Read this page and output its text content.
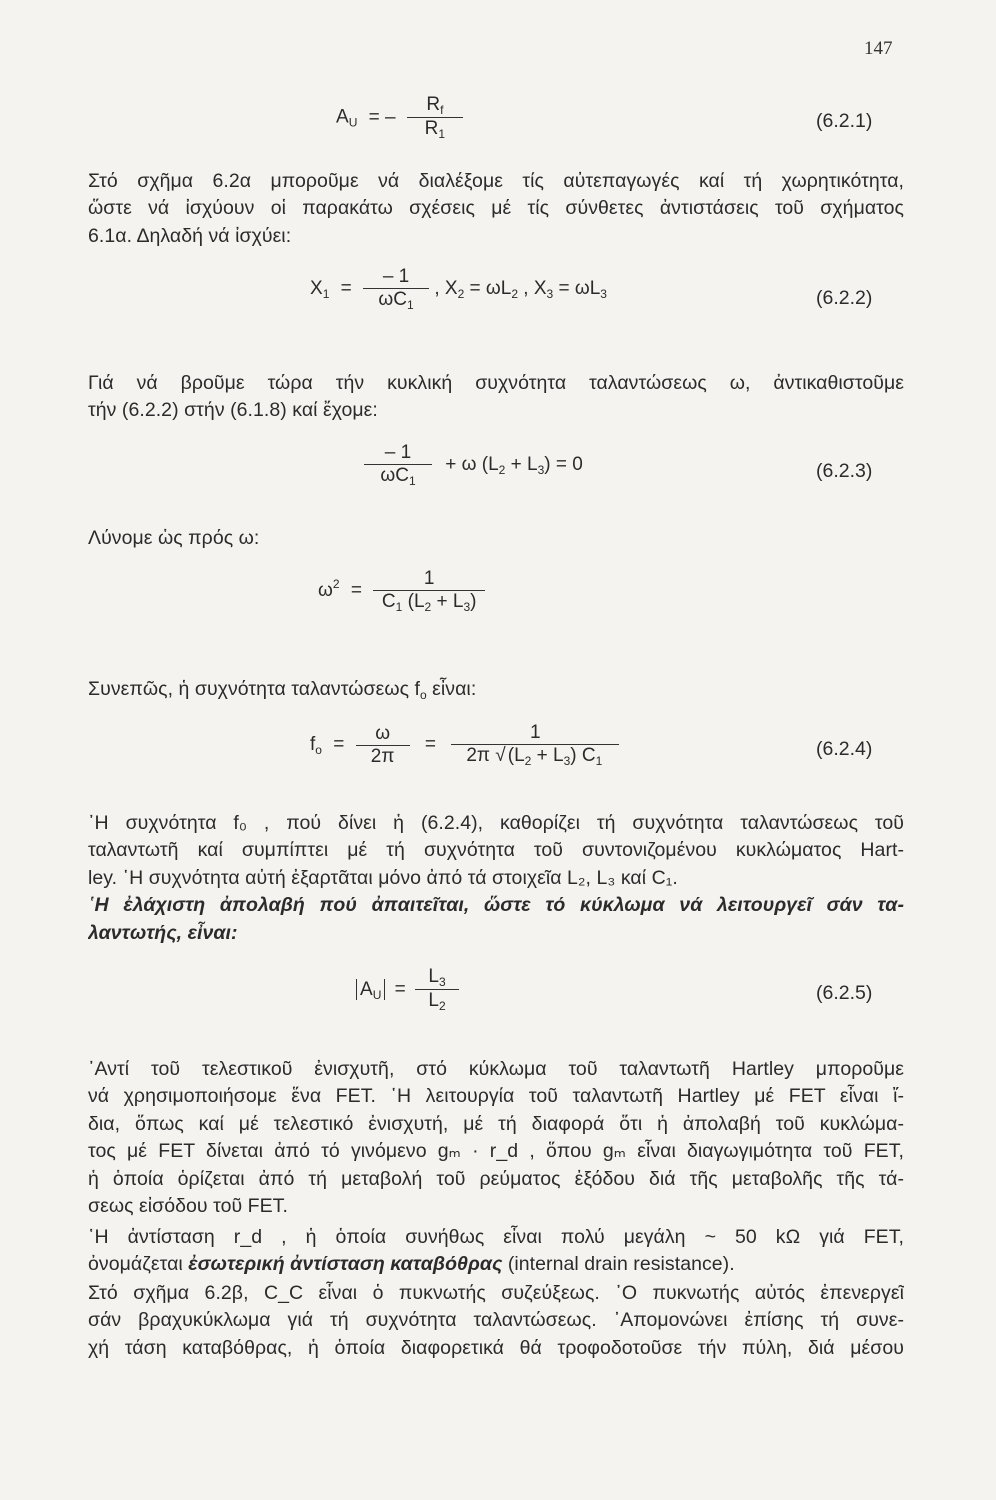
147
$A_U$ = – $\frac{R_f}{R_1}$	(6.2.1)
Στό σχῆμα 6.2α μποροῦμε νά διαλέξομε τίς αὐτεπαγωγές καί τή χωρητικότητα,
ὥστε νά ἰσχύουν οἱ παρακάτω σχέσεις μέ τίς σύνθετες ἀντιστάσεις τοῦ σχήματος
6.1α. Δηλαδή νά ἰσχύει:
$X_1 = \frac{- 1}{\omega C_1}$ , $X_2 = \omega L_2$ , $X_3 = \omega L_3$	(6.2.2)
Γιά νά βροῦμε τώρα τήν κυκλική συχνότητα ταλαντώσεως ω, ἀντικαθιστοῦμε
τήν (6.2.2) στήν (6.1.8) καί ἔχομε:
$\frac{- 1}{\omega C_1} + \omega$ $(L_2 + L_3) = 0$	(6.2.3)
Λύνομε ὡς πρός ω:
$\omega^2 = \frac{1}{C_1 (L_2 + L_3)}$
Συνεπῶς, ἡ συχνότητα ταλαντώσεως $f_o$ εἶναι:
$f_o = \frac{\omega}{2\pi} = \frac{1}{2\pi √ (L_2 + L_3) C_1}$	(6.2.4)
᾿Η συχνότητα f₀ , πού δίνει ἡ (6.2.4), καθορίζει τή συχνότητα ταλαντώσεως τοῦ
ταλαντωτῆ καί συμπίπτει μέ τή συχνότητα τοῦ συντονιζομένου κυκλώματος Hart-
ley. ῾Η συχνότητα αὐτή ἐξαρτᾶται μόνο ἀπό τά στοιχεῖα L₂, L₃ καί C₁.
῾Η ἐλάχιστη ἀπολαβή πού ἀπαιτεῖται, ὥστε τό κύκλωμα νά λειτουργεῖ σάν τα-
λαντωτής, εἶναι:
$A_U = \frac{L_3}{L_2}$	(6.2.5)
᾿Αντί τοῦ τελεστικοῦ ἐνισχυτῆ, στό κύκλωμα τοῦ ταλαντωτῆ Hartley μποροῦμε
νά χρησιμοποιήσομε ἕνα FET. ῾Η λειτουργία τοῦ ταλαντωτῆ Hartley μέ FET εἶναι ἴ-
δια, ὅπως καί μέ τελεστικό ἐνισχυτή, μέ τή διαφορά ὅτι ἡ ἀπολαβή τοῦ κυκλώμα-
τος μέ FET δίνεται ἀπό τό γινόμενο gₘ · r_d , ὅπου gₘ εἶναι διαγωγιμότητα τοῦ FET,
ἡ ὁποία ὁρίζεται ἀπό τή μεταβολή τοῦ ρεύματος ἐξόδου διά τῆς μεταβολῆς τῆς τά-
σεως εἰσόδου τοῦ FET.
῾Η ἀντίσταση r_d , ἡ ὁποία συνήθως εἶναι πολύ μεγάλη ~ 50 kΩ γιά FET,
ὀνομάζεται ἐσωτερική ἀντίσταση καταβόθρας (internal drain resistance).
Στό σχῆμα 6.2β, C_C εἶναι ὁ πυκνωτής συζεύξεως. ᾿Ο πυκνωτής αὐτός ἐπενεργεῖ
σάν βραχυκύκλωμα γιά τή συχνότητα ταλαντώσεως. ᾿Απομονώνει ἐπίσης τή συνε-
χή τάση καταβόθρας, ἡ ὁποία διαφορετικά θά τροφοδοτοῦσε τήν πύλη, διά μέσου
